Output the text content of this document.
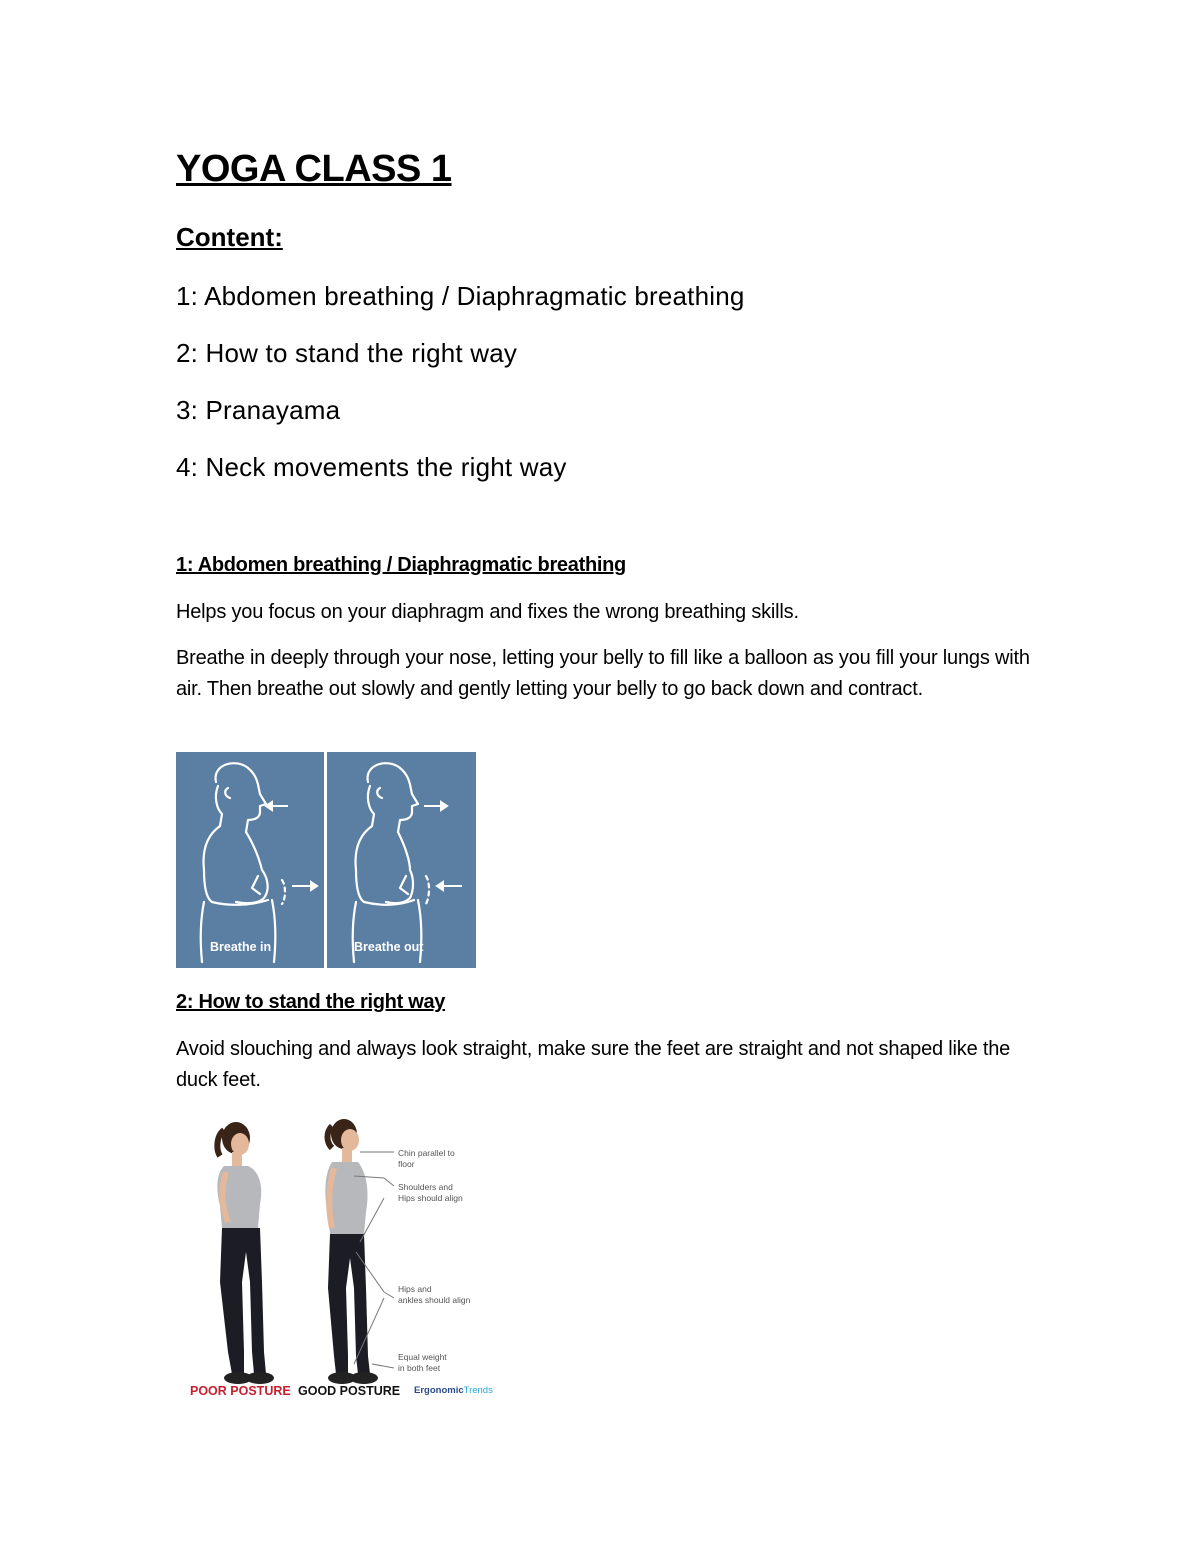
YOGA CLASS 1
Content:
1: Abdomen breathing / Diaphragmatic breathing
2: How to stand the right way
3: Pranayama
4: Neck movements the right way
1: Abdomen breathing / Diaphragmatic breathing
Helps you focus on your diaphragm and fixes the wrong breathing skills.
Breathe in deeply through your nose, letting your belly to fill like a balloon as you fill your lungs with air. Then breathe out slowly and gently letting your belly to go back down and contract.
Breathe in	Breathe out
2: How to stand the right way
Avoid slouching and always look straight, make sure the feet are straight and not shaped like the duck feet.
Chin parallel to
floor
Shoulders and
Hips should align
Hips and
ankles should align
Equal weight
in both feet
POOR POSTURE GOOD POSTURE ErgonomicTrends
